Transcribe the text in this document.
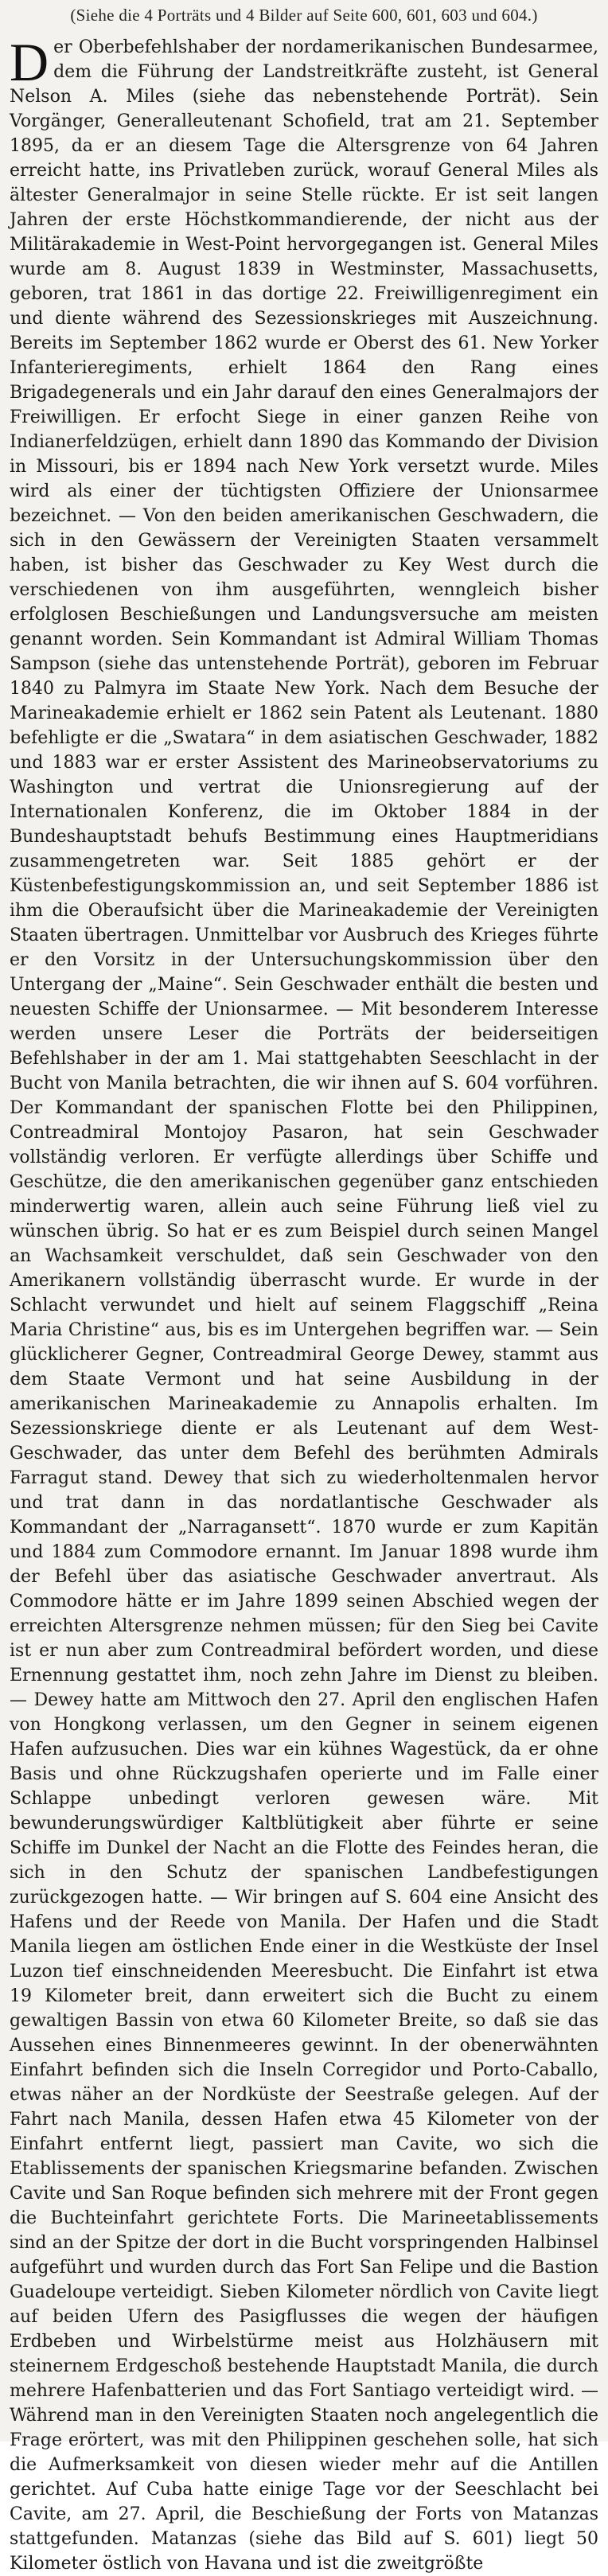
(Siehe die 4 Porträts und 4 Bilder auf Seite 600, 601, 603 und 604.)

Der Oberbefehlshaber der nordamerikanischen Bundesarmee, dem die Führung der Landstreitkräfte zusteht, ist General Nelson A. Miles (siehe das nebenstehende Porträt). Sein Vorgänger, Generalleutenant Schofield, trat am 21. September 1895, da er an diesem Tage die Altersgrenze von 64 Jahren erreicht hatte, ins Privatleben zurück, worauf General Miles als ältester Generalmajor in seine Stelle rückte. Er ist seit langen Jahren der erste Höchstkommandierende, der nicht aus der Militärakademie in West-Point hervorgegangen ist. General Miles wurde am 8. August 1839 in Westminster, Massachusetts, geboren, trat 1861 in das dortige 22. Freiwilligenregiment ein und diente während des Sezessionskrieges mit Auszeichnung. Bereits im September 1862 wurde er Oberst des 61. New Yorker Infanterieregiments, erhielt 1864 den Rang eines Brigadegenerals und ein Jahr darauf den eines Generalmajors der Freiwilligen. Er erfocht Siege in einer ganzen Reihe von Indianerfeldzügen, erhielt dann 1890 das Kommando der Division in Missouri, bis er 1894 nach New York versetzt wurde. Miles wird als einer der tüchtigsten Offiziere der Unionsarmee bezeichnet. — Von den beiden amerikanischen Geschwadern, die sich in den Gewässern der Vereinigten Staaten versammelt haben, ist bisher das Geschwader zu Key West durch die verschiedenen von ihm ausgeführten, wenngleich bisher erfolglosen Beschießungen und Landungsversuche am meisten genannt worden. Sein Kommandant ist Admiral William Thomas Sampson (siehe das untenstehende Porträt), geboren im Februar 1840 zu Palmyra im Staate New York. Nach dem Besuche der Marineakademie erhielt er 1862 sein Patent als Leutenant. 1880 befehligte er die „Swatara“ in dem asiatischen Geschwader, 1882 und 1883 war er erster Assistent des Marineobservatoriums zu Washington und vertrat die Unionsregierung auf der Internationalen Konferenz, die im Oktober 1884 in der Bundeshauptstadt behufs Bestimmung eines Hauptmeridians zusammengetreten war. Seit 1885 gehört er der Küstenbefestigungskommission an, und seit September 1886 ist ihm die Oberaufsicht über die Marineakademie der Vereinigten Staaten übertragen. Unmittelbar vor Ausbruch des Krieges führte er den Vorsitz in der Untersuchungskommission über den Untergang der „Maine“. Sein Geschwader enthält die besten und neuesten Schiffe der Unionsarmee. — Mit besonderem Interesse werden unsere Leser die Porträts der beiderseitigen Befehlshaber in der am 1. Mai stattgehabten Seeschlacht in der Bucht von Manila betrachten, die wir ihnen auf S. 604 vorführen. Der Kommandant der spanischen Flotte bei den Philippinen, Contreadmiral Montojoy Pasaron, hat sein Geschwader vollständig verloren. Er verfügte allerdings über Schiffe und Geschütze, die den amerikanischen gegenüber ganz entschieden minderwertig waren, allein auch seine Führung ließ viel zu wünschen übrig. So hat er es zum Beispiel durch seinen Mangel an Wachsamkeit verschuldet, daß sein Geschwader von den Amerikanern vollständig überrascht wurde. Er wurde in der Schlacht verwundet und hielt auf seinem Flaggschiff „Reina Maria Christine“ aus, bis es im Untergehen begriffen war. — Sein glücklicherer Gegner, Contreadmiral George Dewey, stammt aus dem Staate Vermont und hat seine Ausbildung in der amerikanischen Marineakademie zu Annapolis erhalten. Im Sezessionskriege diente er als Leutenant auf dem West-Geschwader, das unter dem Befehl des berühmten Admirals Farragut stand. Dewey that sich zu wiederholtenmalen hervor und trat dann in das nordatlantische Geschwader als Kommandant der „Narragansett“. 1870 wurde er zum Kapitän und 1884 zum Commodore ernannt. Im Januar 1898 wurde ihm der Befehl über das asiatische Geschwader anvertraut. Als Commodore hätte er im Jahre 1899 seinen Abschied wegen der erreichten Altersgrenze nehmen müssen; für den Sieg bei Cavite ist er nun aber zum Contreadmiral befördert worden, und diese Ernennung gestattet ihm, noch zehn Jahre im Dienst zu bleiben. — Dewey hatte am Mittwoch den 27. April den englischen Hafen von Hongkong verlassen, um den Gegner in seinem eigenen Hafen aufzusuchen. Dies war ein kühnes Wagestück, da er ohne Basis und ohne Rückzugshafen operierte und im Falle einer Schlappe unbedingt verloren gewesen wäre. Mit bewunderungswürdiger Kaltblütigkeit aber führte er seine Schiffe im Dunkel der Nacht an die Flotte des Feindes heran, die sich in den Schutz der spanischen Landbefestigungen zurückgezogen hatte. — Wir bringen auf S. 604 eine Ansicht des Hafens und der Reede von Manila. Der Hafen und die Stadt Manila liegen am östlichen Ende einer in die Westküste der Insel Luzon tief einschneidenden Meeresbucht. Die Einfahrt ist etwa 19 Kilometer breit, dann erweitert sich die Bucht zu einem gewaltigen Bassin von etwa 60 Kilometer Breite, so daß sie das Aussehen eines Binnenmeeres gewinnt. In der obenerwähnten Einfahrt befinden sich die Inseln Corregidor und Porto-Caballo, etwas näher an der Nordküste der Seestraße gelegen. Auf der Fahrt nach Manila, dessen Hafen etwa 45 Kilometer von der Einfahrt entfernt liegt, passiert man Cavite, wo sich die Etablissements der spanischen Kriegsmarine befanden. Zwischen Cavite und San Roque befinden sich mehrere mit der Front gegen die Buchteinfahrt gerichtete Forts. Die Marineetablissements sind an der Spitze der dort in die Bucht vorspringenden Halbinsel aufgeführt und wurden durch das Fort San Felipe und die Bastion Guadeloupe verteidigt. Sieben Kilometer nördlich von Cavite liegt auf beiden Ufern des Pasigflusses die wegen der häufigen Erdbeben und Wirbelstürme meist aus Holzhäusern mit steinernem Erdgeschoß bestehende Hauptstadt Manila, die durch mehrere Hafenbatterien und das Fort Santiago verteidigt wird. — Während man in den Vereinigten Staaten noch angelegentlich die Frage erörtert, was mit den Philippinen geschehen solle, hat sich die Aufmerksamkeit von diesen wieder mehr auf die Antillen gerichtet. Auf Cuba hatte einige Tage vor der Seeschlacht bei Cavite, am 27. April, die Beschießung der Forts von Matanzas stattgefunden. Matanzas (siehe das Bild auf S. 601) liegt 50 Kilometer östlich von Havana und ist die zweitgrößte
